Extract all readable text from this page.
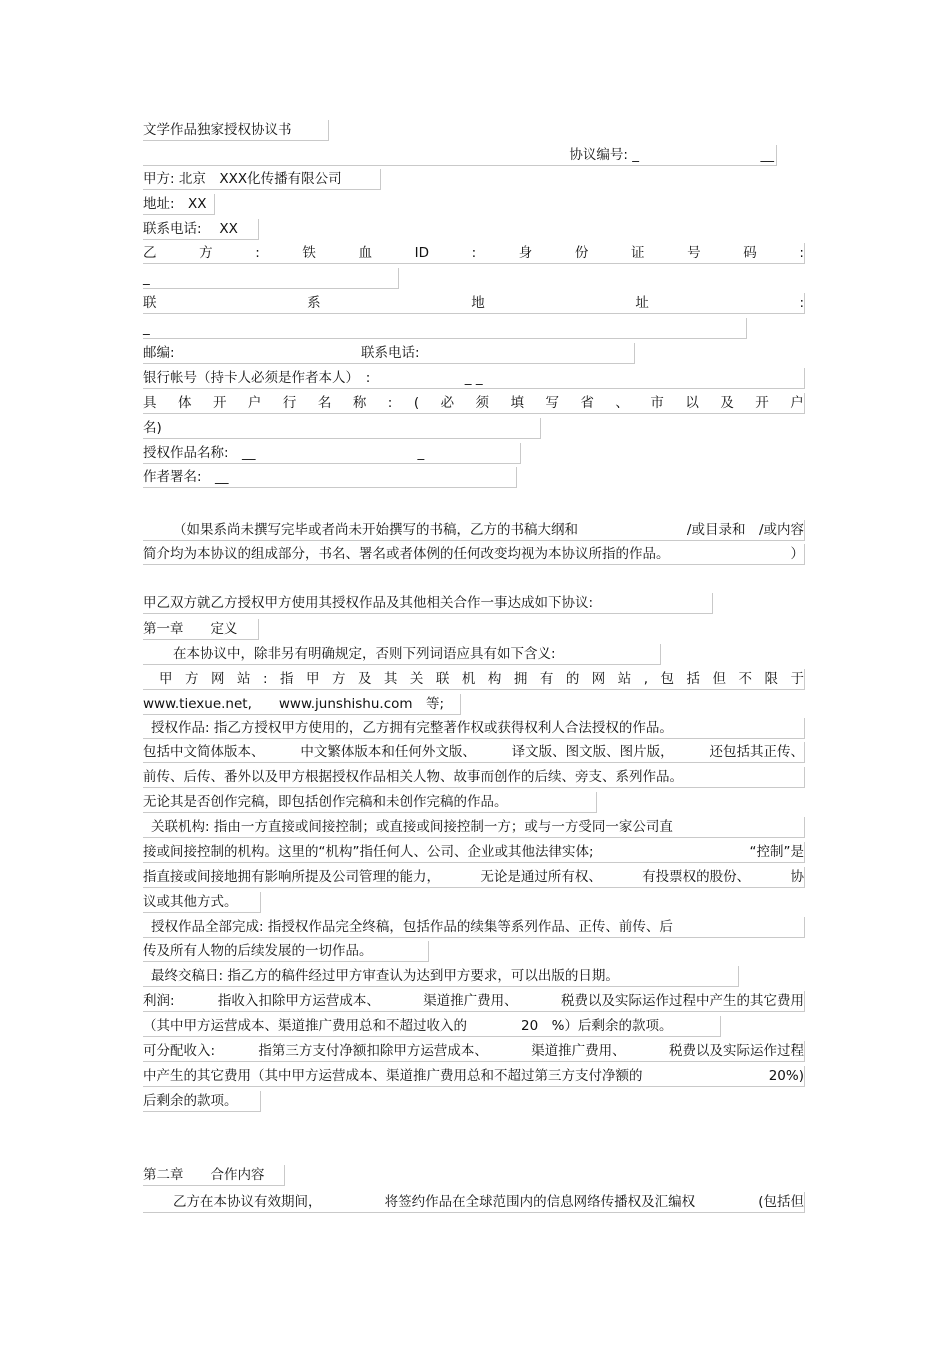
文学作品独家授权协议书
协议编号: _　　　　　　　　　__
甲方: 北京　XXX化传播有限公司
地址:　XX
联系电话:　 XX
乙	方	:	铁	血	ID	:	身	份	证	号	码	:
_
联	系	地	址	:
_
邮编:	联系电话:
银行帐号（持卡人必须是作者本人）　:　　　　　　　_ _
具 体 开 户 行 名 称 : ( 必 须 填 写 省 、 市 以 及 开 户
名)
授权作品名称:　__　　　　　　　　　　　　_
作者署名:　__
（如果系尚未撰写完毕或者尚未开始撰写的书稿，乙方的书稿大纲和	/或目录和　/或内容
简介均为本协议的组成部分，书名、署名或者体例的任何改变均视为本协议所指的作品。	）
甲乙双方就乙方授权甲方使用其授权作品及其他相关合作一事达成如下协议:
第一章　　定义
在本协议中，除非另有明确规定，否则下列词语应具有如下含义:
甲 方 网 站 : 指 甲 方 及 其 关 联 机 构 拥 有 的 网 站 , 包 括 但 不 限 于
www.tiexue.net,　　www.junshishu.com　等;
授权作品: 指乙方授权甲方使用的，乙方拥有完整著作权或获得权利人合法授权的作品。
包括中文简体版本、	中文繁体版本和任何外文版、	译文版、图文版、图片版，	还包括其正传、
前传、后传、番外以及甲方根据授权作品相关人物、故事而创作的后续、旁支、系列作品。
无论其是否创作完稿，即包括创作完稿和未创作完稿的作品。
关联机构: 指由一方直接或间接控制；或直接或间接控制一方；或与一方受同一家公司直
接或间接控制的机构。这里的“机构”指任何人、公司、企业或其他法律实体;	“控制”是
指直接或间接地拥有影响所提及公司管理的能力，	无论是通过所有权、	有投票权的股份、	协
议或其他方式。
授权作品全部完成: 指授权作品完全终稿，包括作品的续集等系列作品、正传、前传、后
传及所有人物的后续发展的一切作品。
最终交稿日: 指乙方的稿件经过甲方审查认为达到甲方要求，可以出版的日期。
利润:	指收入扣除甲方运营成本、	渠道推广费用、	税费以及实际运作过程中产生的其它费用
（其中甲方运营成本、渠道推广费用总和不超过收入的　　　　20　%）后剩余的款项。
可分配收入:	指第三方支付净额扣除甲方运营成本、	渠道推广费用、	税费以及实际运作过程
中产生的其它费用（其中甲方运营成本、渠道推广费用总和不超过第三方支付净额的	20%)
后剩余的款项。
第二章　　合作内容
乙方在本协议有效期间，	将签约作品在全球范围内的信息网络传播权及汇编权	(包括但
